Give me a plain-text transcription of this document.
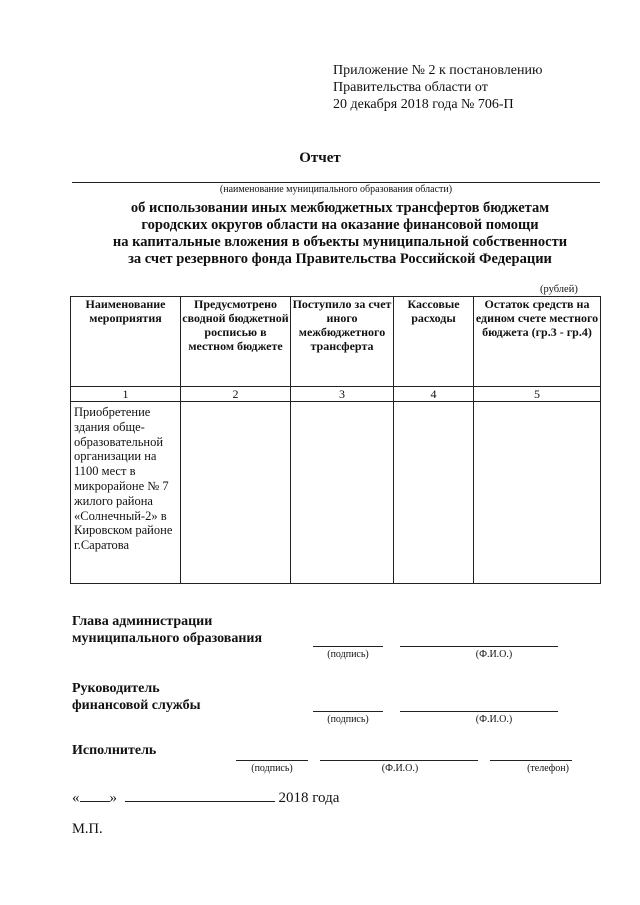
Приложение № 2 к постановлению
Правительства области от
20 декабря 2018 года № 706-П
Отчет
(наименование муниципального образования области)
об использовании иных межбюджетных трансфертов бюджетам
городских округов области на оказание финансовой помощи
на капитальные вложения в объекты муниципальной собственности
за счет резервного фонда Правительства Российской Федерации
(рублей)
Наименование мероприятия	Предусмотрено сводной бюджетной росписью в местном бюджете	Поступило за счет иного межбюджетного трансферта	Кассовые расходы	Остаток средств на едином счете местного бюджета (гр.3 - гр.4)
1	2	3	4	5
Приобретение здания обще-образовательной организации на 1100 мест в микрорайоне № 7 жилого района «Солнечный-2» в Кировском районе г.Саратова				
Глава администрации
муниципального образования
(подпись)	(Ф.И.О.)
Руководитель
финансовой службы
(подпись)	(Ф.И.О.)
Исполнитель
(подпись)	(Ф.И.О.)	(телефон)
« »	2018 года
М.П.
